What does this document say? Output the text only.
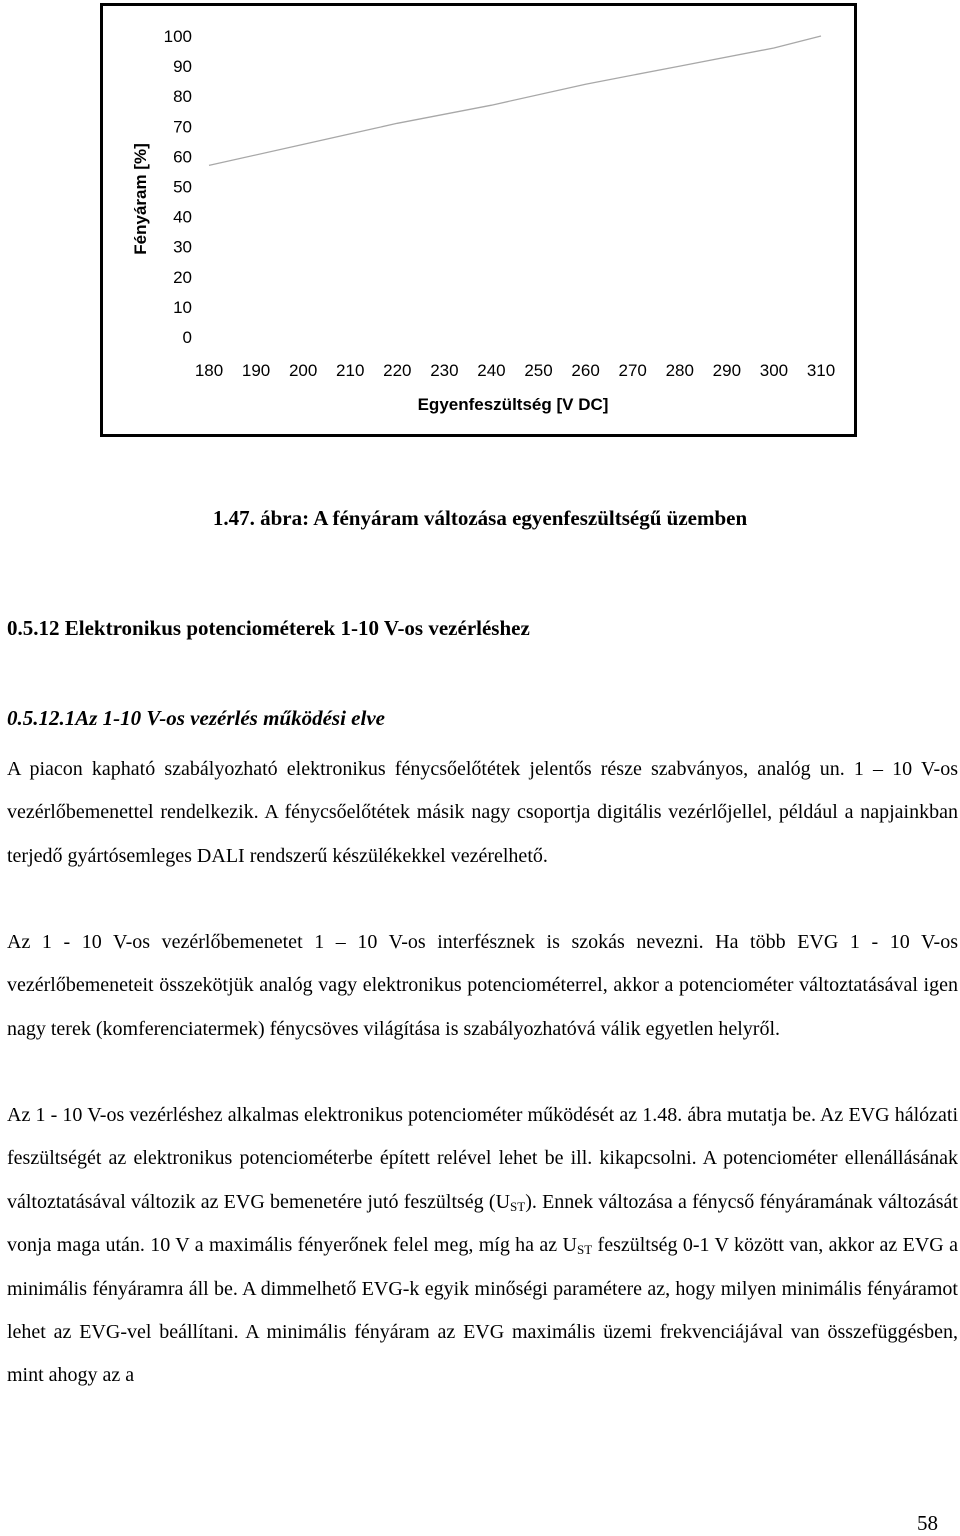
100
90
80
70
60
50
40
30
20
10
0
180 190 200 210 220 230 240 250 260 270 280 290 300 310
Egyenfeszültség [V DC]
Fényáram [%]
1.47. ábra: A fényáram változása egyenfeszültségű üzemben
0.5.12 Elektronikus potenciométerek 1-10 V-os vezérléshez
0.5.12.1Az 1-10 V-os vezérlés működési elve
A piacon kapható szabályozható elektronikus fénycsőelőtétek jelentős része szabványos, analóg un. 1 – 10 V-os vezérlőbemenettel rendelkezik. A fénycsőelőtétek másik nagy csoportja digitális vezérlőjellel, például a napjainkban terjedő gyártósemleges DALI rendszerű készülékekkel vezérelhető.
Az 1 - 10 V-os vezérlőbemenetet 1 – 10 V-os interfésznek is szokás nevezni. Ha több EVG 1 - 10 V-os vezérlőbemeneteit összekötjük analóg vagy elektronikus potenciométerrel, akkor a potenciométer változtatásával igen nagy terek (komferenciatermek) fénycsöves világítása is szabályozhatóvá válik egyetlen helyről.
Az 1 - 10 V-os vezérléshez alkalmas elektronikus potenciométer működését az 1.48. ábra mutatja be. Az EVG hálózati feszültségét az elektronikus potenciométerbe épített relével lehet be ill. kikapcsolni. A potenciométer ellenállásának változtatásával változik az EVG bemenetére jutó feszültség $(U_{ST})$. Ennek változása a fénycső fényáramának változását vonja maga után. 10 V a maximális fényerőnek felel meg, míg ha az $U_{ST}$ feszültség 0-1 V között van, akkor az EVG a minimális fényáramra áll be. A dimmelhető EVG-k egyik minőségi paramétere az, hogy milyen minimális fényáramot lehet az EVG-vel beállítani. A minimális fényáram az EVG maximális üzemi frekvenciájával van összefüggésben, mint ahogy az a
58
